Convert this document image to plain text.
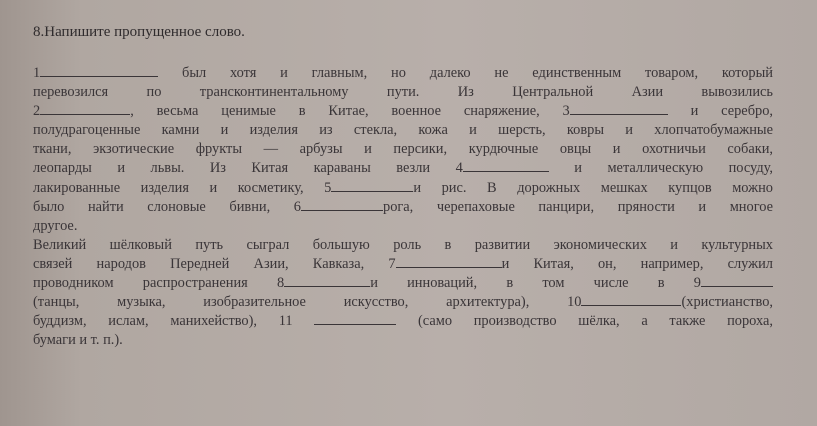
8.Напишите пропущенное слово.
1	был хотя и главным, но далеко не единственным товаром, который
перевозился по трансконтинентальному пути. Из Центральной Азии вывозились
2	, весьма ценимые в Китае, военное снаряжение, 3	и серебро,
полудрагоценные камни и изделия из стекла, кожа и шерсть, ковры и хлопчатобумажные
ткани, экзотические фрукты — арбузы и персики, курдючные овцы и охотничьи собаки,
леопарды и львы. Из Китая караваны везли 4	и металлическую посуду,
лакированные изделия и косметику, 5	и рис. В дорожных мешках купцов можно
было найти слоновые бивни, 6	рога, черепаховые панцири, пряности и многое
другое.
Великий шёлковый путь сыграл большую роль в развитии экономических и культурных
связей народов Передней Азии, Кавказа, 7	и Китая, он, например, служил
проводником распространения 8	и инноваций, в том числе в 9
(танцы, музыка, изобразительное искусство, архитектура), 10	(христианство,
буддизм, ислам, манихейство), 11	(само производство шёлка, а также пороха,
бумаги и т. п.).
